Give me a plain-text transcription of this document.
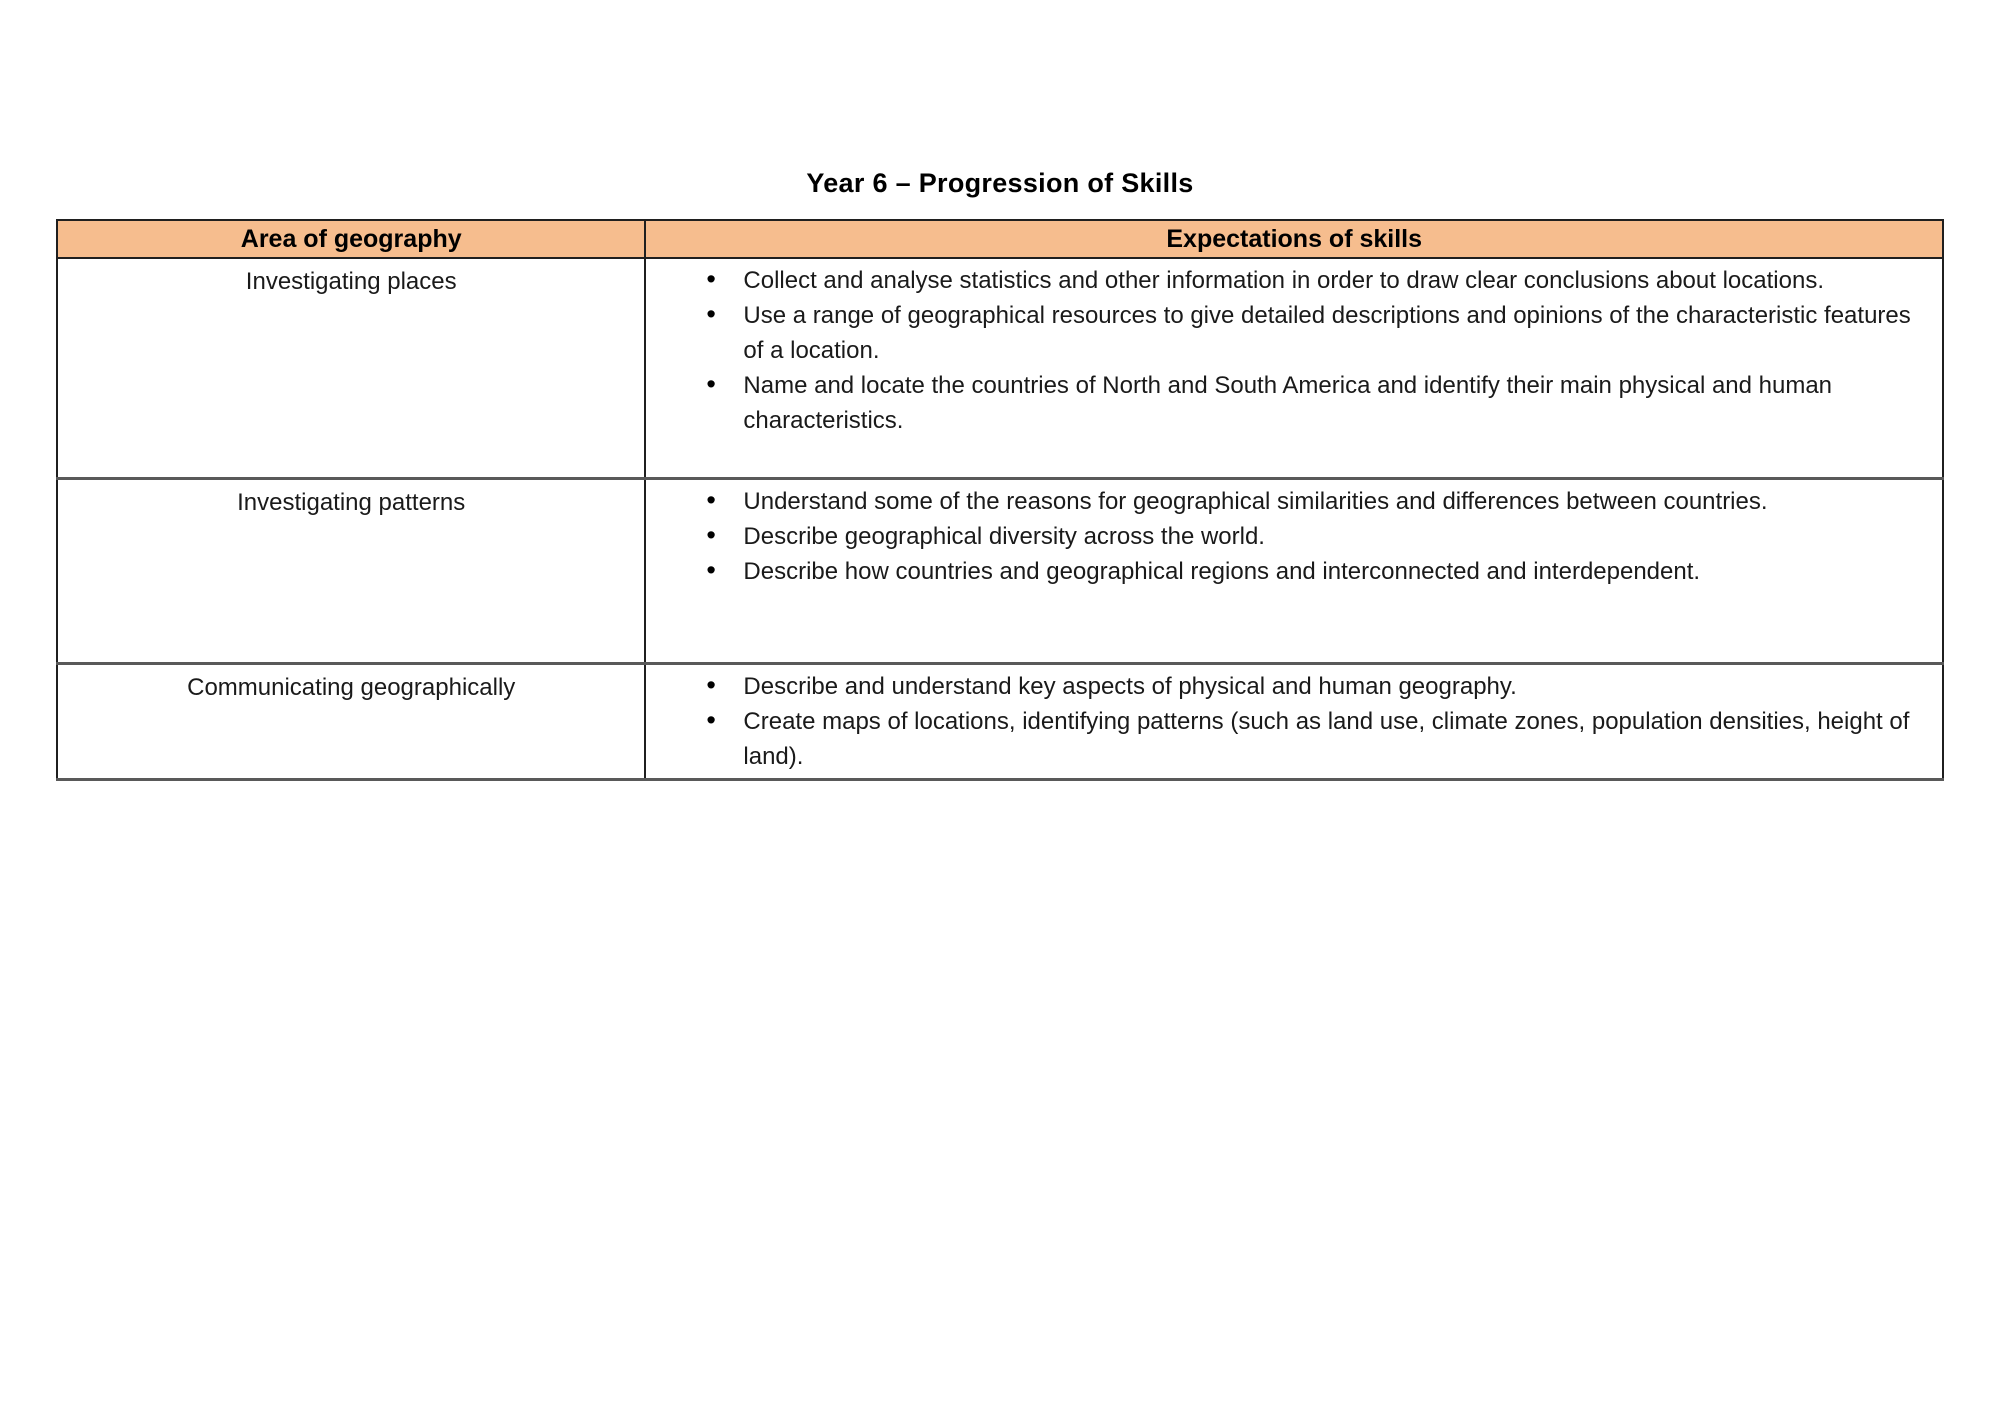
Year 6 – Progression of Skills
Area of geography	Expectations of skills
Investigating places	
•Collect and analyse statistics and other information in order to draw clear conclusions about locations.
• Use a range of geographical resources to give detailed descriptions and opinions of the characteristic features of a location.
• Name and locate the countries of North and South America and identify their main physical and human characteristics.

Investigating patterns	
•Understand some of the reasons for geographical similarities and differences between countries.
• Describe geographical diversity across the world.
• Describe how countries and geographical regions and interconnected and interdependent.

Communicating geographically	
•Describe and understand key aspects of physical and human geography.
• Create maps of locations, identifying patterns (such as land use, climate zones, population densities, height of land).
